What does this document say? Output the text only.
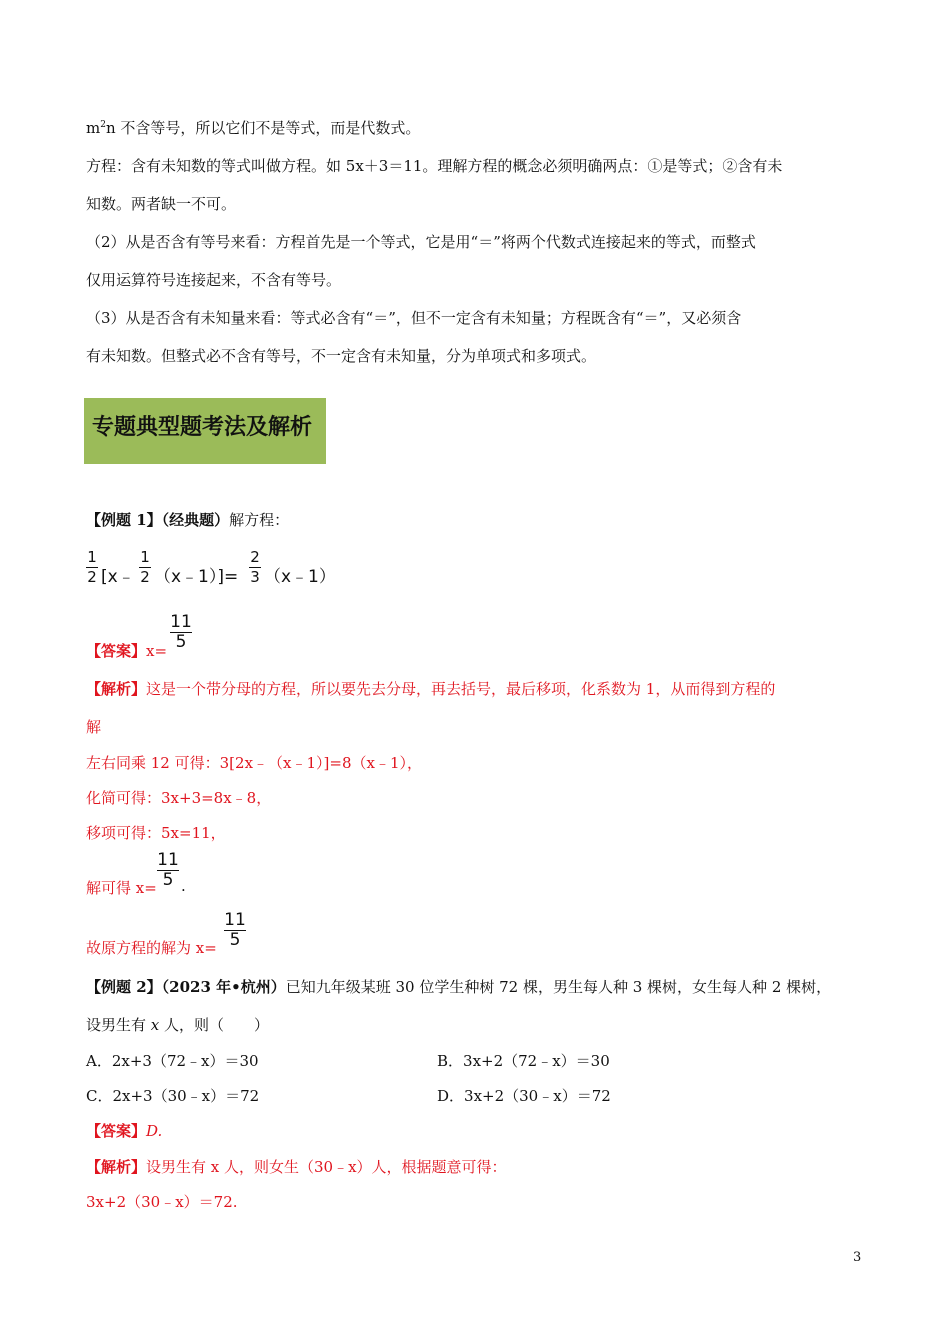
$m^2n$ 不含等号，所以它们不是等式，而是代数式。
方程：含有未知数的等式叫做方程。如 5x＋3＝11。理解方程的概念必须明确两点：①是等式；②含有未
知数。两者缺一不可。
（2）从是否含有等号来看：方程首先是一个等式，它是用“＝”将两个代数式连接起来的等式，而整式
仅用运算符号连接起来，不含有等号。
（3）从是否含有未知量来看：等式必含有“＝”，但不一定含有未知量；方程既含有“＝”，又必须含
有未知数。但整式必不含有等号，不一定含有未知量，分为单项式和多项式。
专题典型题考法及解析
【例题 1】（经典题）解方程：
1
2 [x﹣
1
2 （x﹣1）]=
2
3 （x﹣1）
【答案】x=
11
5
【解析】这是一个带分母的方程，所以要先去分母，再去括号，最后移项，化系数为 1，从而得到方程的
解
左右同乘 12 可得：3[2x﹣（x﹣1）]=8（x﹣1），
化简可得：3x+3=8x﹣8，
移项可得：5x=11，
解可得 x=
11
5 .
故原方程的解为 x=
11
5
【例题 2】（2023 年•杭州）已知九年级某班 30 位学生种树 72 棵，男生每人种 3 棵树，女生每人种 2 棵树，
设男生有 x 人，则（　　）
A．2x+3（72﹣x）＝30	B．3x+2（72﹣x）＝30
C．2x+3（30﹣x）＝72	D．3x+2（30﹣x）＝72
【答案】D.
【解析】设男生有 x 人，则女生（30﹣x）人，根据题意可得：
3x+2（30﹣x）＝72.
3
